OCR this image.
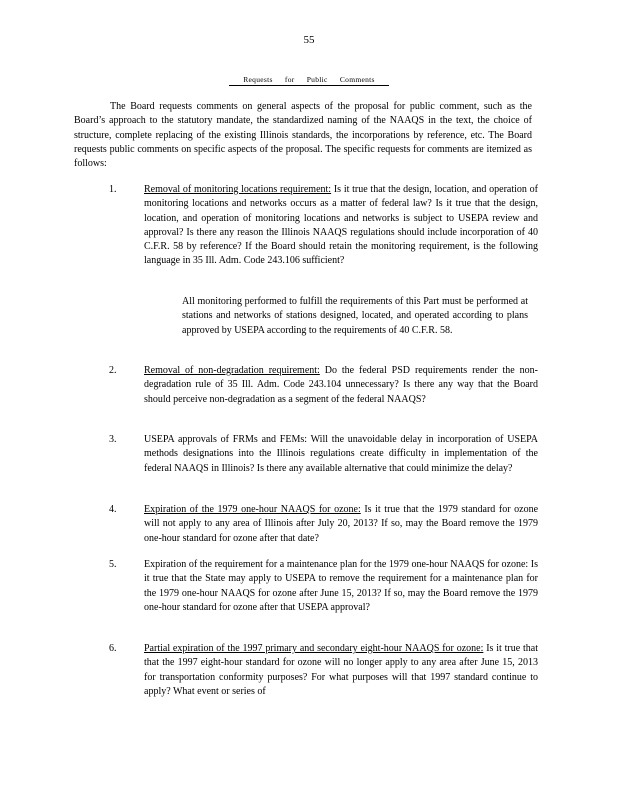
55
Requests for Public Comments
The Board requests comments on general aspects of the proposal for public comment, such as the Board’s approach to the statutory mandate, the standardized naming of the NAAQS in the text, the choice of structure, complete replacing of the existing Illinois standards, the incorporations by reference, etc. The Board requests public comments on specific aspects of the proposal. The specific requests for comments are itemized as follows:
1.	Removal of monitoring locations requirement: Is it true that the design, location, and operation of monitoring locations and networks occurs as a matter of federal law? Is it true that the design, location, and operation of monitoring locations and networks is subject to USEPA review and approval? Is there any reason the Illinois NAAQS regulations should include incorporation of 40 C.F.R. 58 by reference? If the Board should retain the monitoring requirement, is the following language in 35 Ill. Adm. Code 243.106 sufficient?
All monitoring performed to fulfill the requirements of this Part must be performed at stations and networks of stations designed, located, and operated according to plans approved by USEPA according to the requirements of 40 C.F.R. 58.
2.	Removal of non-degradation requirement: Do the federal PSD requirements render the non-degradation rule of 35 Ill. Adm. Code 243.104 unnecessary? Is there any way that the Board should perceive non-degradation as a segment of the federal NAAQS?
3.	USEPA approvals of FRMs and FEMs: Will the unavoidable delay in incorporation of USEPA methods designations into the Illinois regulations create difficulty in implementation of the federal NAAQS in Illinois? Is there any available alternative that could minimize the delay?
4.	Expiration of the 1979 one-hour NAAQS for ozone: Is it true that the 1979 standard for ozone will not apply to any area of Illinois after July 20, 2013? If so, may the Board remove the 1979 one-hour standard for ozone after that date?
5.	Expiration of the requirement for a maintenance plan for the 1979 one-hour NAAQS for ozone: Is it true that the State may apply to USEPA to remove the requirement for a maintenance plan for the 1979 one-hour NAAQS for ozone after June 15, 2013? If so, may the Board remove the 1979 one-hour standard for ozone after that USEPA approval?
6.	Partial expiration of the 1997 primary and secondary eight-hour NAAQS for ozone: Is it true that that the 1997 eight-hour standard for ozone will no longer apply to any area after June 15, 2013 for transportation conformity purposes? For what purposes will that 1997 standard continue to apply? What event or series of
